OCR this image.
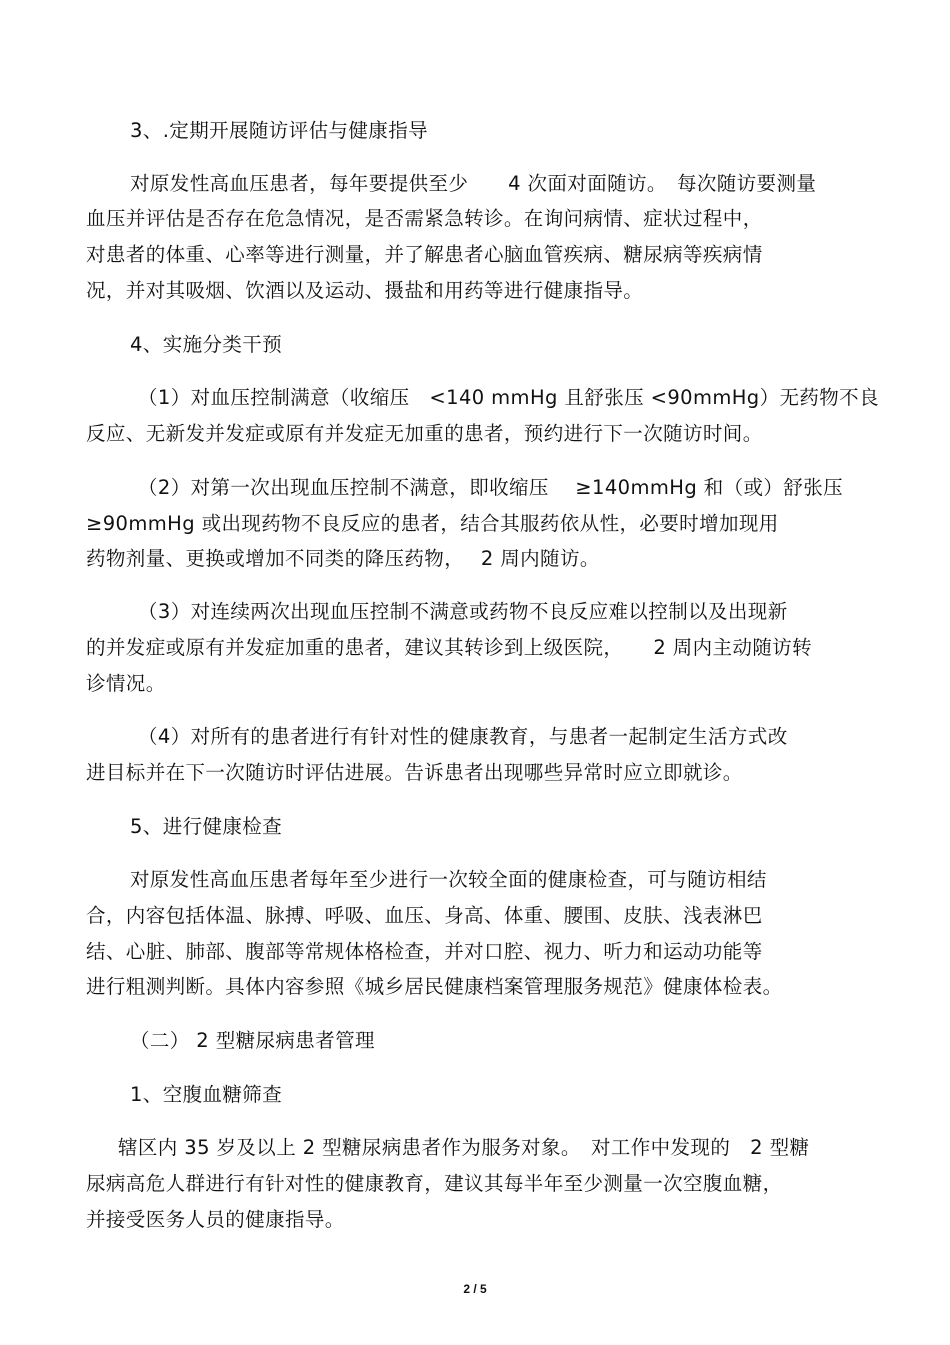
3、.定期开展随访评估与健康指导
对原发性高血压患者，每年要提供至少　　4 次面对面随访。　每次随访要测量
血压并评估是否存在危急情况，是否需紧急转诊。在询问病情、症状过程中，
对患者的体重、心率等进行测量，并了解患者心脑血管疾病、糖尿病等疾病情
况，并对其吸烟、饮酒以及运动、摄盐和用药等进行健康指导。
4、实施分类干预
（1）对血压控制满意（收缩压　<140 mmHg 且舒张压 <90mmHg）无药物不良
反应、无新发并发症或原有并发症无加重的患者，预约进行下一次随访时间。
（2）对第一次出现血压控制不满意，即收缩压　 ≥140mmHg 和（或）舒张压
≥90mmHg 或出现药物不良反应的患者，结合其服药依从性，必要时增加现用
药物剂量、更换或增加不同类的降压药物，　 2 周内随访。
（3）对连续两次出现血压控制不满意或药物不良反应难以控制以及出现新
的并发症或原有并发症加重的患者，建议其转诊到上级医院，　　2 周内主动随访转
诊情况。
（4）对所有的患者进行有针对性的健康教育，与患者一起制定生活方式改
进目标并在下一次随访时评估进展。告诉患者出现哪些异常时应立即就诊。
5、进行健康检查
对原发性高血压患者每年至少进行一次较全面的健康检查，可与随访相结
合，内容包括体温、脉搏、呼吸、血压、身高、体重、腰围、皮肤、浅表淋巴
结、心脏、肺部、腹部等常规体格检查，并对口腔、视力、听力和运动功能等
进行粗测判断。具体内容参照《城乡居民健康档案管理服务规范》健康体检表。
（二） 2 型糖尿病患者管理
1、空腹血糖筛查
辖区内 35 岁及以上 2 型糖尿病患者作为服务对象。　对工作中发现的　2 型糖
尿病高危人群进行有针对性的健康教育，建议其每半年至少测量一次空腹血糖，
并接受医务人员的健康指导。
2 / 5
